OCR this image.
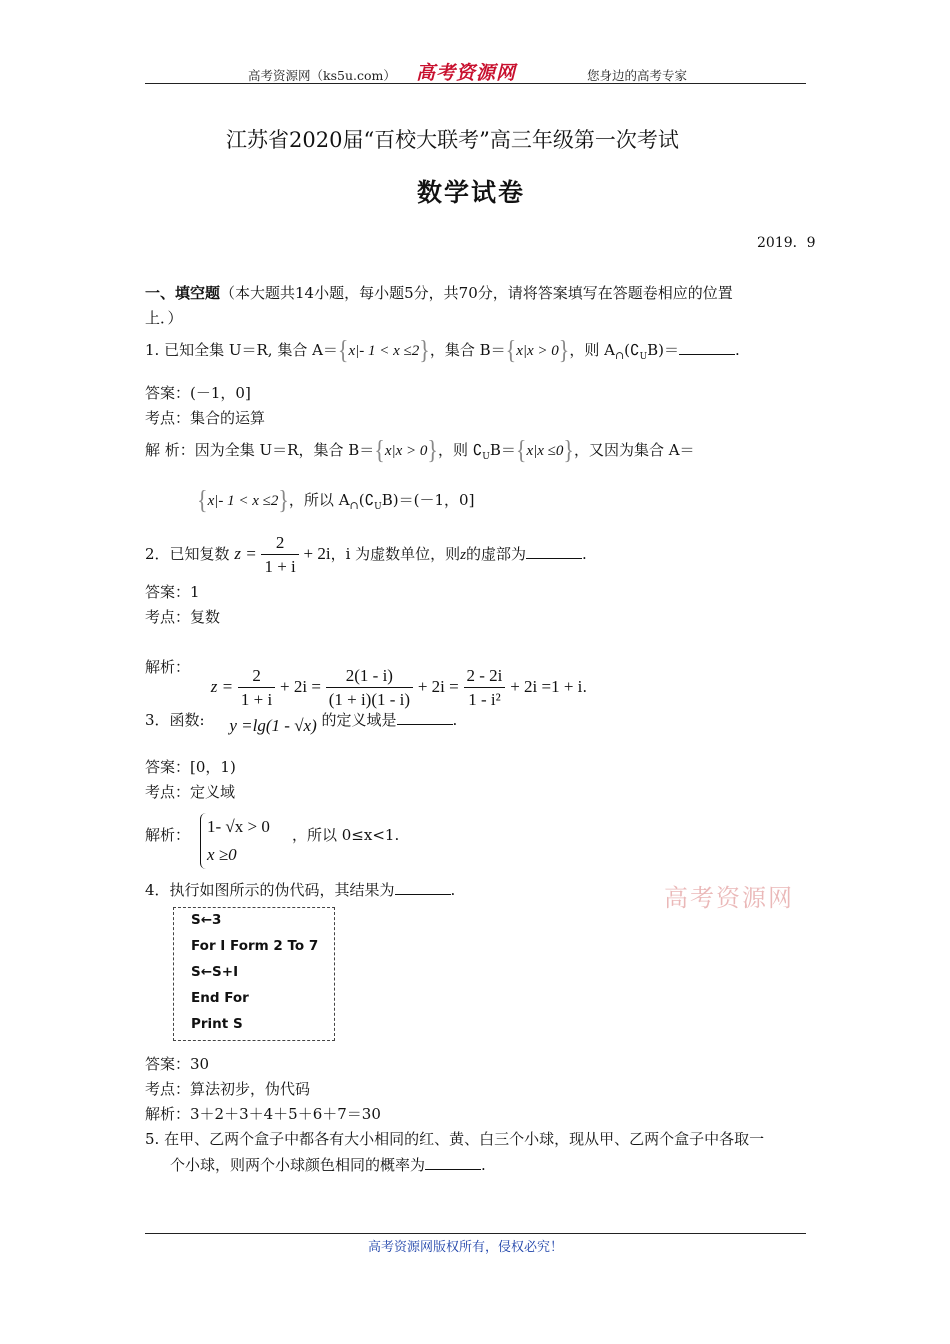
高考资源网（ks5u.com） 高考资源网	您身边的高考专家
江苏省2020届“百校大联考”高三年级第一次考试
数学试卷
2019．9
一、填空题（本大题共14小题，每小题5分，共70分，请将答案填写在答题卷相应的位置
上．）
1. 已知全集 U＝R, 集合 A＝{x|- 1 < x ≤2}，集合 B＝{x|x > 0}，则 $A_\cap(∁_UB)=$	.
答案：(－1，0]
考点：集合的运算
解 析：因为全集 U＝R，集合 B＝{x|x > 0}，则 $∁_UB=\{x|x \le 0\}$，又因为集合 A＝
{x|- 1 < x ≤2}，所以 $A_\cap(∁_UB)=(-1$，0]
2．已知复数 $z = \frac{2}{1 + i} + 2i$，i 为虚数单位，则z的虚部为	.
答案：1
考点：复数
解析： $z = \frac{2}{1 + i} + 2i = \frac{2(1 - i)}{(1 + i)(1 - i)} + 2i = \frac{2 - 2i}{\text{1 - i²}} + 2i =1 + i$.
3．函数: y =lg(1 - √x) 的定义域是	.
答案：[0，1)
考点：定义域
解析： 1- √x > 0
x ≥0
，所以 0≤x<1.
4．执行如图所示的伪代码，其结果为	.	高考资源网
S←3
For I Form 2 To 7
S←S+I
End For
Print S
答案：30
考点：算法初步，伪代码
解析：3＋2＋3＋4＋5＋6＋7＝30
5. 在甲、乙两个盒子中都各有大小相同的红、黄、白三个小球，现从甲、乙两个盒子中各取一
个小球，则两个小球颜色相同的概率为	.
高考资源网版权所有，侵权必究！
